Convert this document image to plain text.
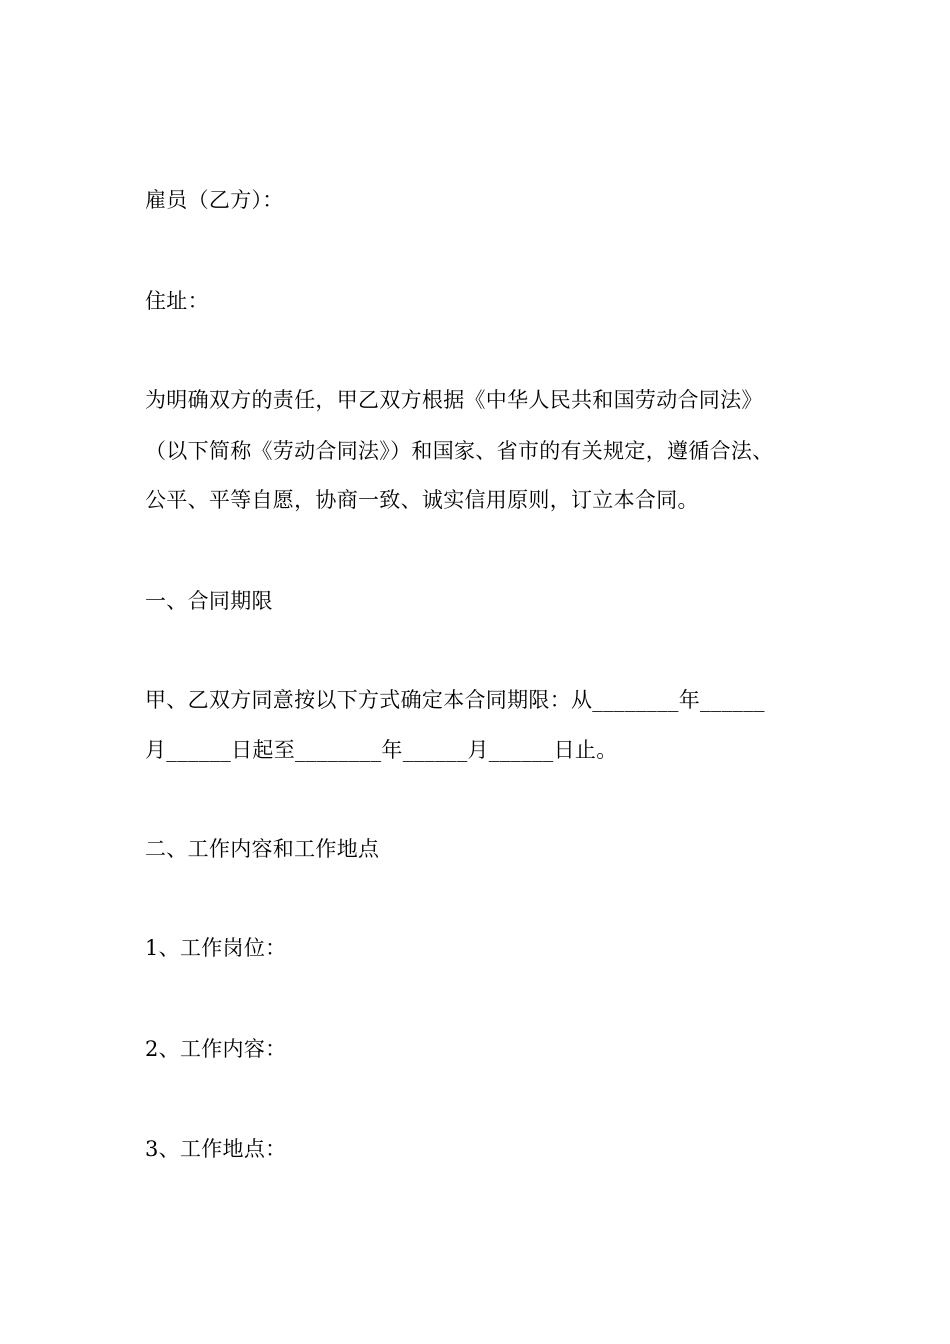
雇员（乙方）：
住址：
为明确双方的责任，甲乙双方根据《中华人民共和国劳动合同法》
（以下简称《劳动合同法》）和国家、省市的有关规定，遵循合法、
公平、平等自愿，协商一致、诚实信用原则，订立本合同。
一、合同期限
甲、乙双方同意按以下方式确定本合同期限：从________年______
月______日起至________年______月______日止。
二、工作内容和工作地点
1、工作岗位：
2、工作内容：
3、工作地点：
